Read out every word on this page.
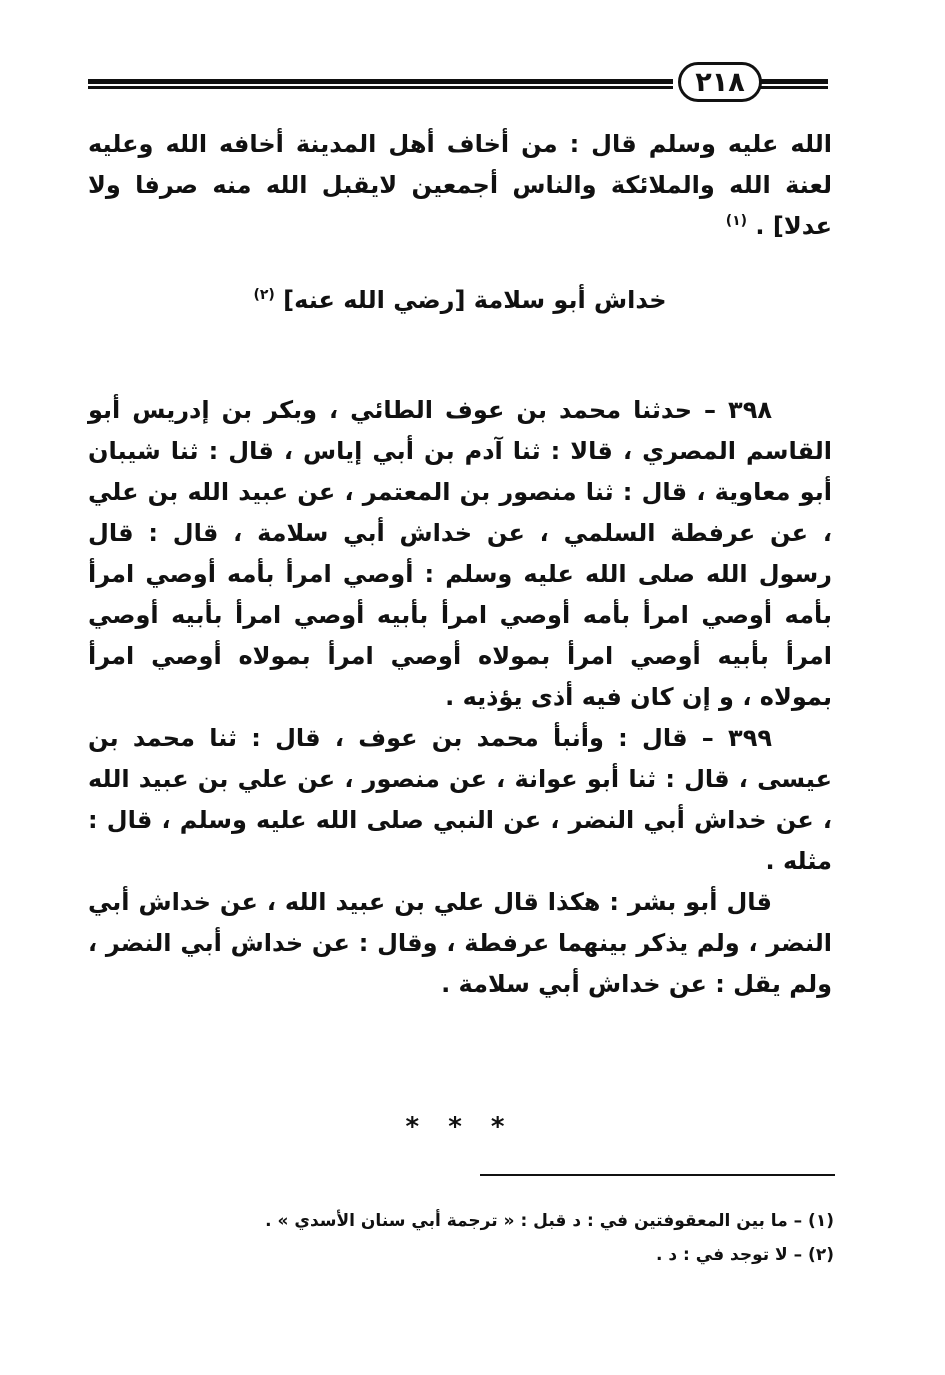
٢١٨

الله عليه وسلم قال : من أخاف أهل المدينة أخافه الله وعليه لعنة الله والملائكة والناس أجمعين لايقبل الله منه صرفا ولا عدلا] . $^{(١)}$

خداش أبو سلامة [رضي الله عنه] $^{(٢)}$

٣٩٨ – حدثنا محمد بن عوف الطائي ، وبكر بن إدريس أبو القاسم المصري ، قالا : ثنا آدم بن أبي إياس ، قال : ثنا شيبان أبو معاوية ، قال : ثنا منصور بن المعتمر ، عن عبيد الله بن علي ، عن عرفطة السلمي ، عن خداش أبي سلامة ، قال : قال رسول الله صلى الله عليه وسلم : أوصي امرأ بأمه أوصي امرأ بأمه أوصي امرأ بأمه أوصي امرأ بأبيه أوصي امرأ بأبيه أوصي امرأ بأبيه أوصي امرأ بمولاه أوصي امرأ بمولاه أوصي امرأ بمولاه ، و إن كان فيه أذى يؤذيه .

٣٩٩ – قال : وأنبأ محمد بن عوف ، قال : ثنا محمد بن عيسى ، قال : ثنا أبو عوانة ، عن منصور ، عن علي بن عبيد الله ، عن خداش أبي النضر ، عن النبي صلى الله عليه وسلم ، قال : مثله .

قال أبو بشر : هكذا قال علي بن عبيد الله ، عن خداش أبي النضر ، ولم يذكر بينهما عرفطة ، وقال : عن خداش أبي النضر ، ولم يقل : عن خداش أبي سلامة .

* * *

(١) – ما بين المعقوفتين في : د قبل : « ترجمة أبي سنان الأسدي » .

(٢) – لا توجد في : د .
